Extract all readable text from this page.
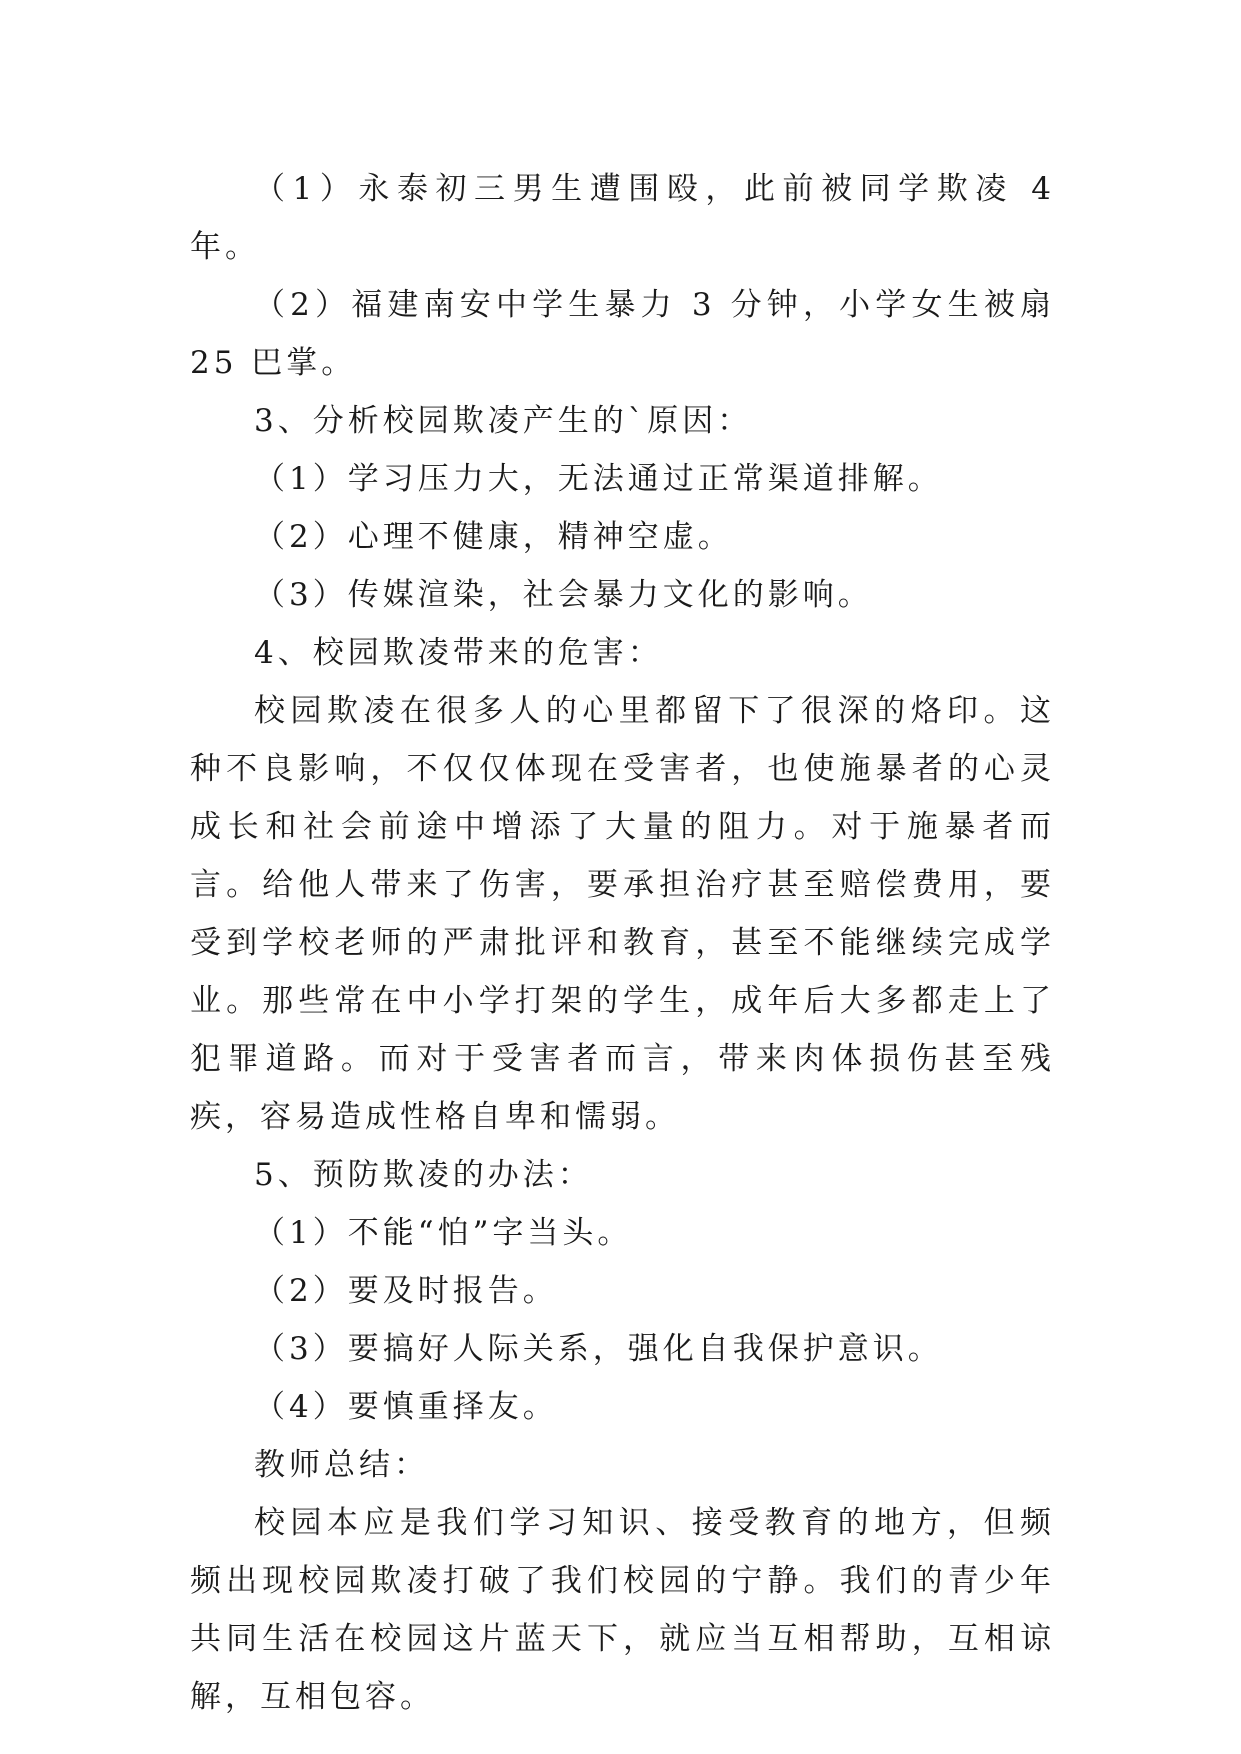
（1）永泰初三男生遭围殴，此前被同学欺凌 4 年。

（2）福建南安中学生暴力 3 分钟，小学女生被扇 25 巴掌。

3、分析校园欺凌产生的`原因：

（1）学习压力大，无法通过正常渠道排解。

（2）心理不健康，精神空虚。

（3）传媒渲染，社会暴力文化的影响。

4、校园欺凌带来的危害：

校园欺凌在很多人的心里都留下了很深的烙印。这种不良影响，不仅仅体现在受害者，也使施暴者的心灵成长和社会前途中增添了大量的阻力。对于施暴者而言。给他人带来了伤害，要承担治疗甚至赔偿费用，要受到学校老师的严肃批评和教育，甚至不能继续完成学业。那些常在中小学打架的学生，成年后大多都走上了犯罪道路。而对于受害者而言，带来肉体损伤甚至残疾，容易造成性格自卑和懦弱。

5、预防欺凌的办法：

（1）不能“怕”字当头。

（2）要及时报告。

（3）要搞好人际关系，强化自我保护意识。

（4）要慎重择友。

教师总结：

校园本应是我们学习知识、接受教育的地方，但频频出现校园欺凌打破了我们校园的宁静。我们的青少年共同生活在校园这片蓝天下，就应当互相帮助，互相谅解，互相包容。
